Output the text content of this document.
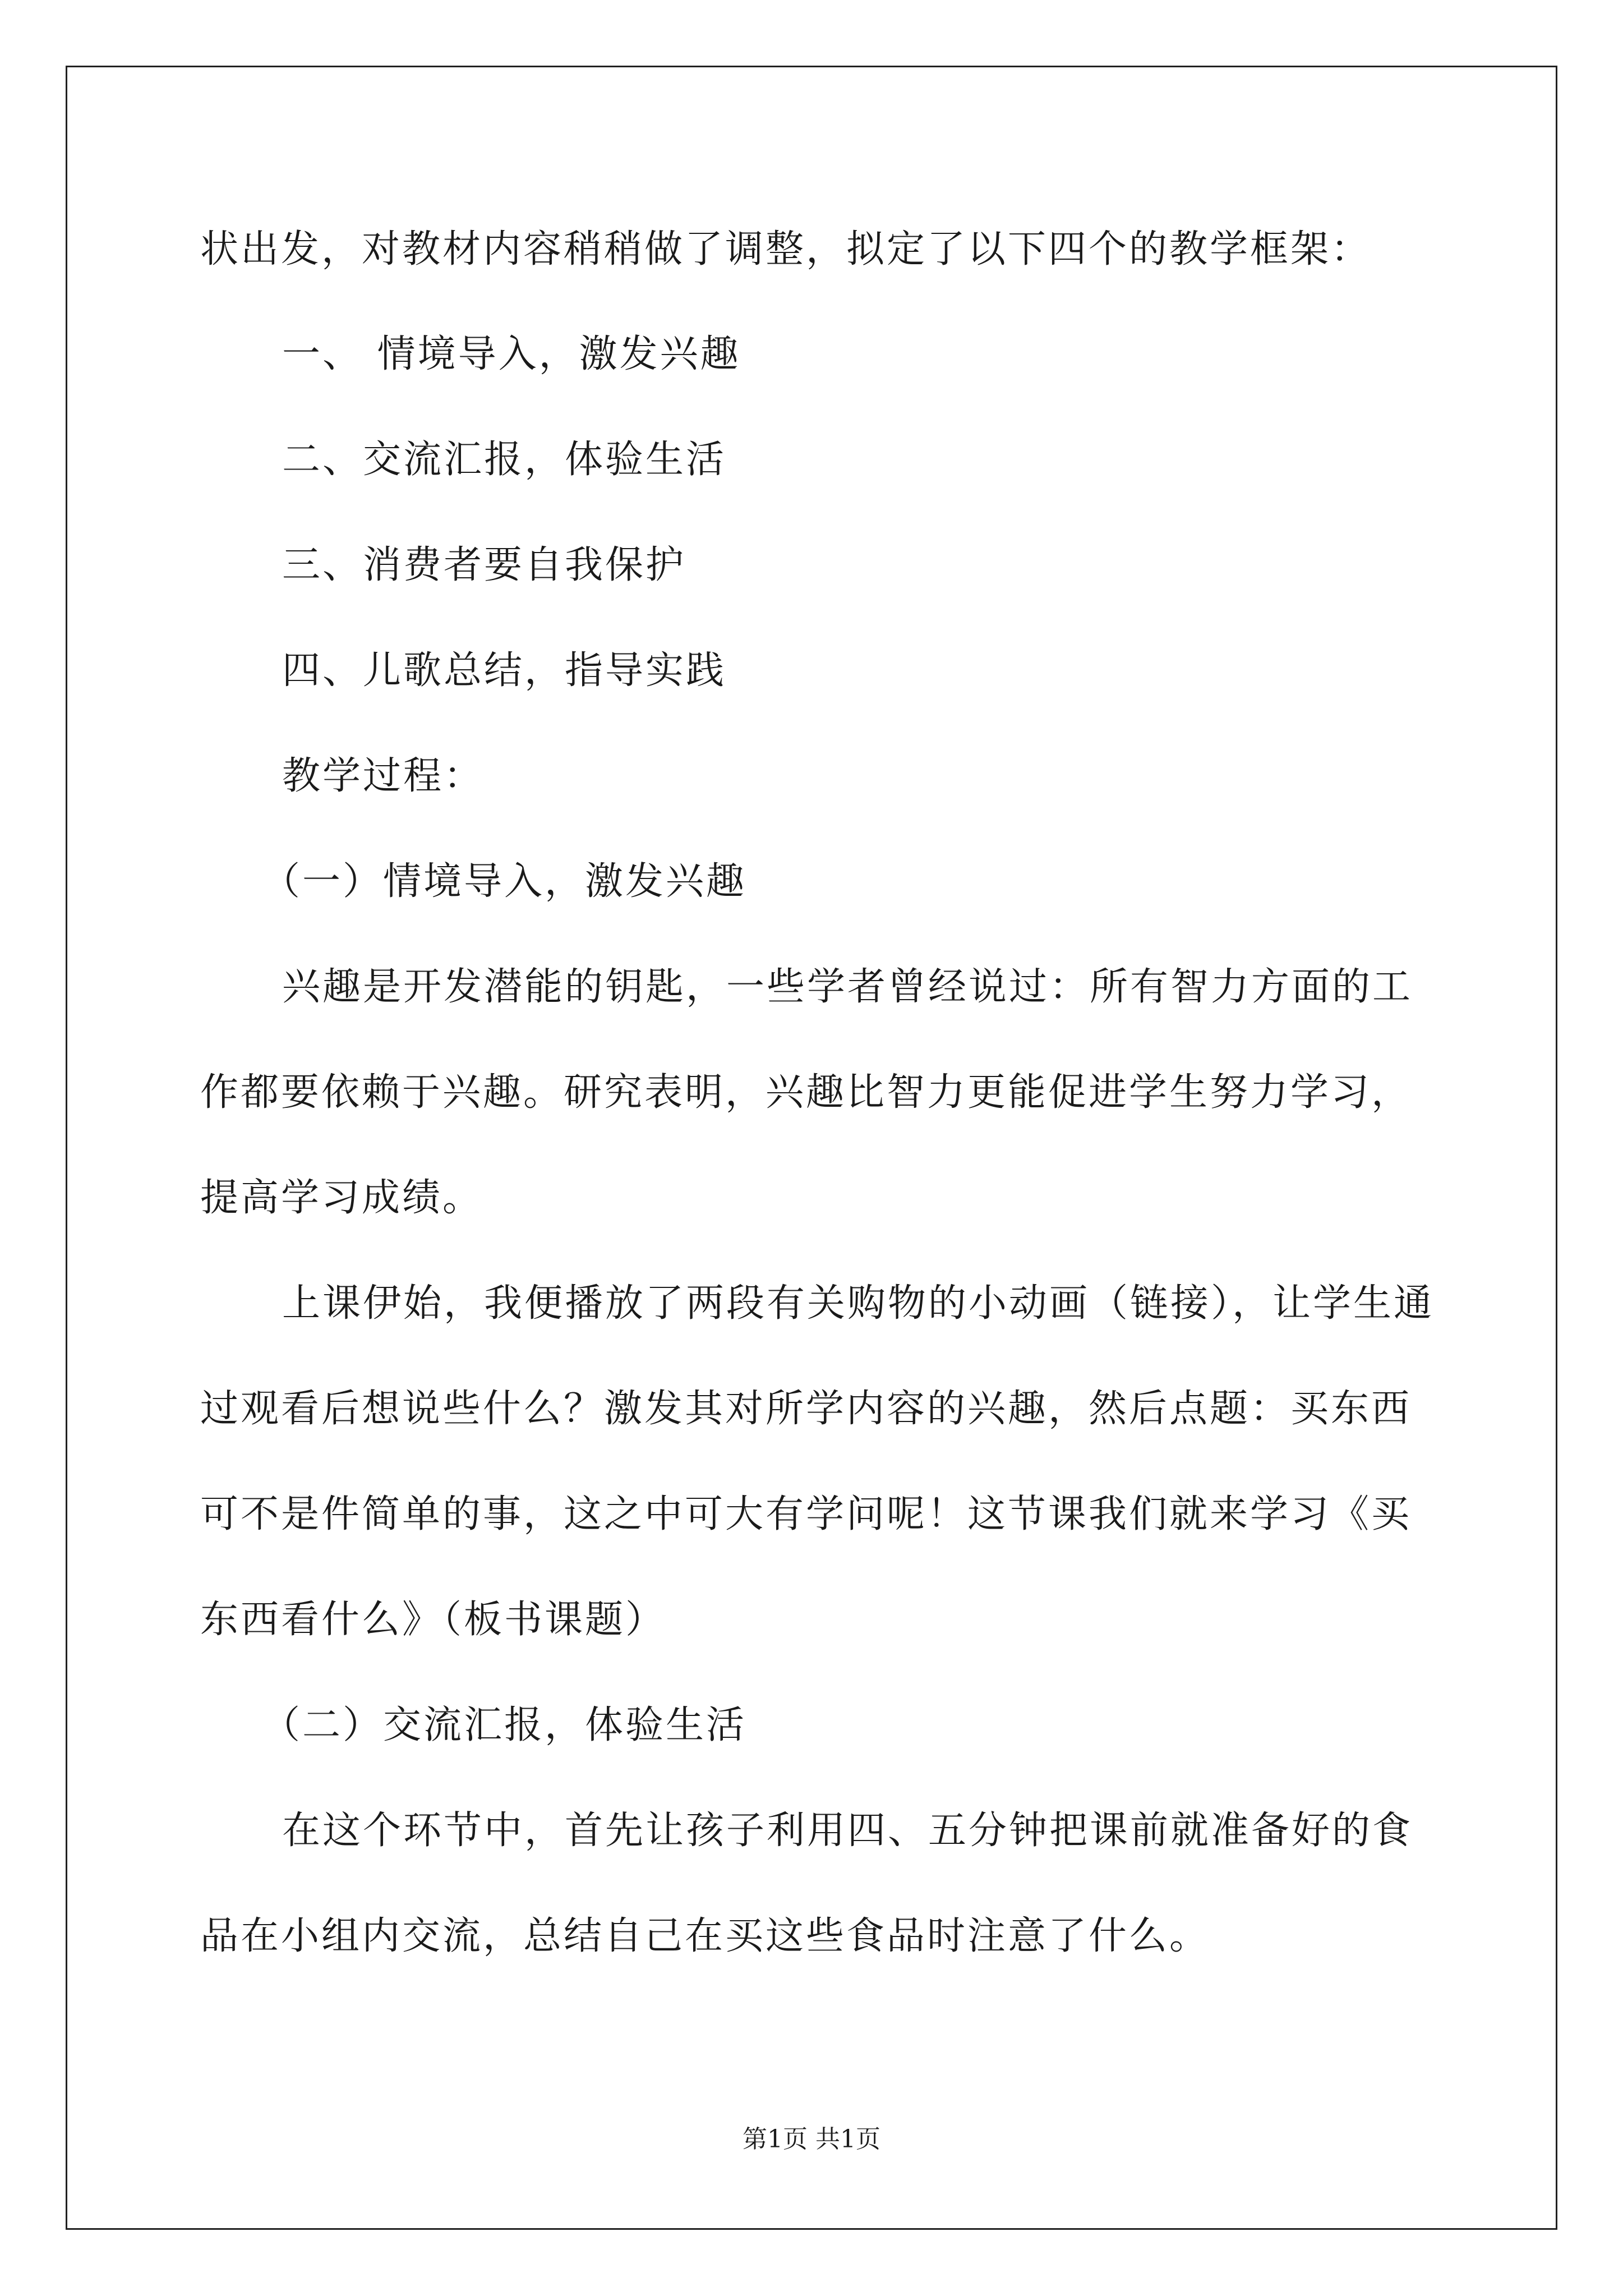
状出发，对教材内容稍稍做了调整，拟定了以下四个的教学框架：
一、 情境导入，激发兴趣
二、交流汇报，体验生活
三、消费者要自我保护
四、儿歌总结，指导实践
教学过程：
（一）情境导入，激发兴趣
兴趣是开发潜能的钥匙，一些学者曾经说过：所有智力方面的工
作都要依赖于兴趣。研究表明，兴趣比智力更能促进学生努力学习，
提高学习成绩。
上课伊始，我便播放了两段有关购物的小动画（链接），让学生通
过观看后想说些什么？激发其对所学内容的兴趣，然后点题：买东西
可不是件简单的事，这之中可大有学问呢！这节课我们就来学习《买
东西看什么》（板书课题）
（二）交流汇报，体验生活
在这个环节中，首先让孩子利用四、五分钟把课前就准备好的食
品在小组内交流，总结自己在买这些食品时注意了什么。
第1页 共1页
